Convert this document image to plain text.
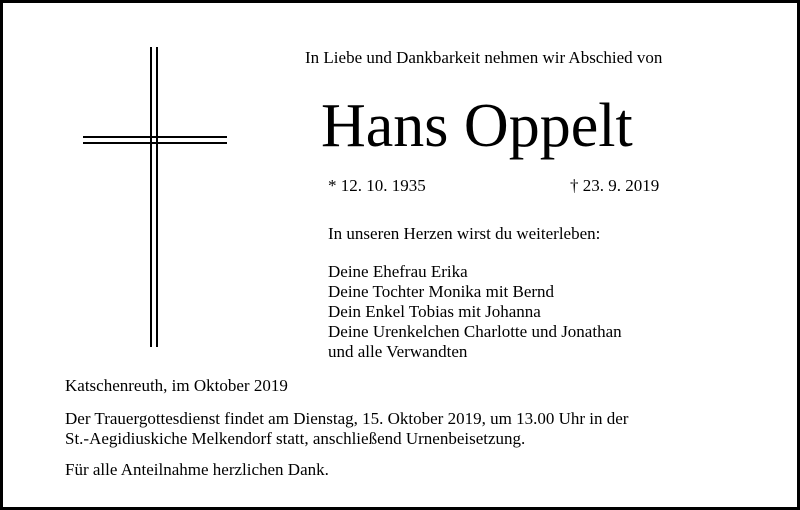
In Liebe und Dankbarkeit nehmen wir Abschied von
Hans Oppelt
* 12. 10. 1935	† 23. 9. 2019
In unseren Herzen wirst du weiterleben:
Deine Ehefrau Erika
Deine Tochter Monika mit Bernd
Dein Enkel Tobias mit Johanna
Deine Urenkelchen Charlotte und Jonathan
und alle Verwandten
Katschenreuth, im Oktober 2019
Der Trauergottesdienst findet am Dienstag, 15. Oktober 2019, um 13.00 Uhr in der
St.-Aegidiuskiche Melkendorf statt, anschließend Urnenbeisetzung.
Für alle Anteilnahme herzlichen Dank.
